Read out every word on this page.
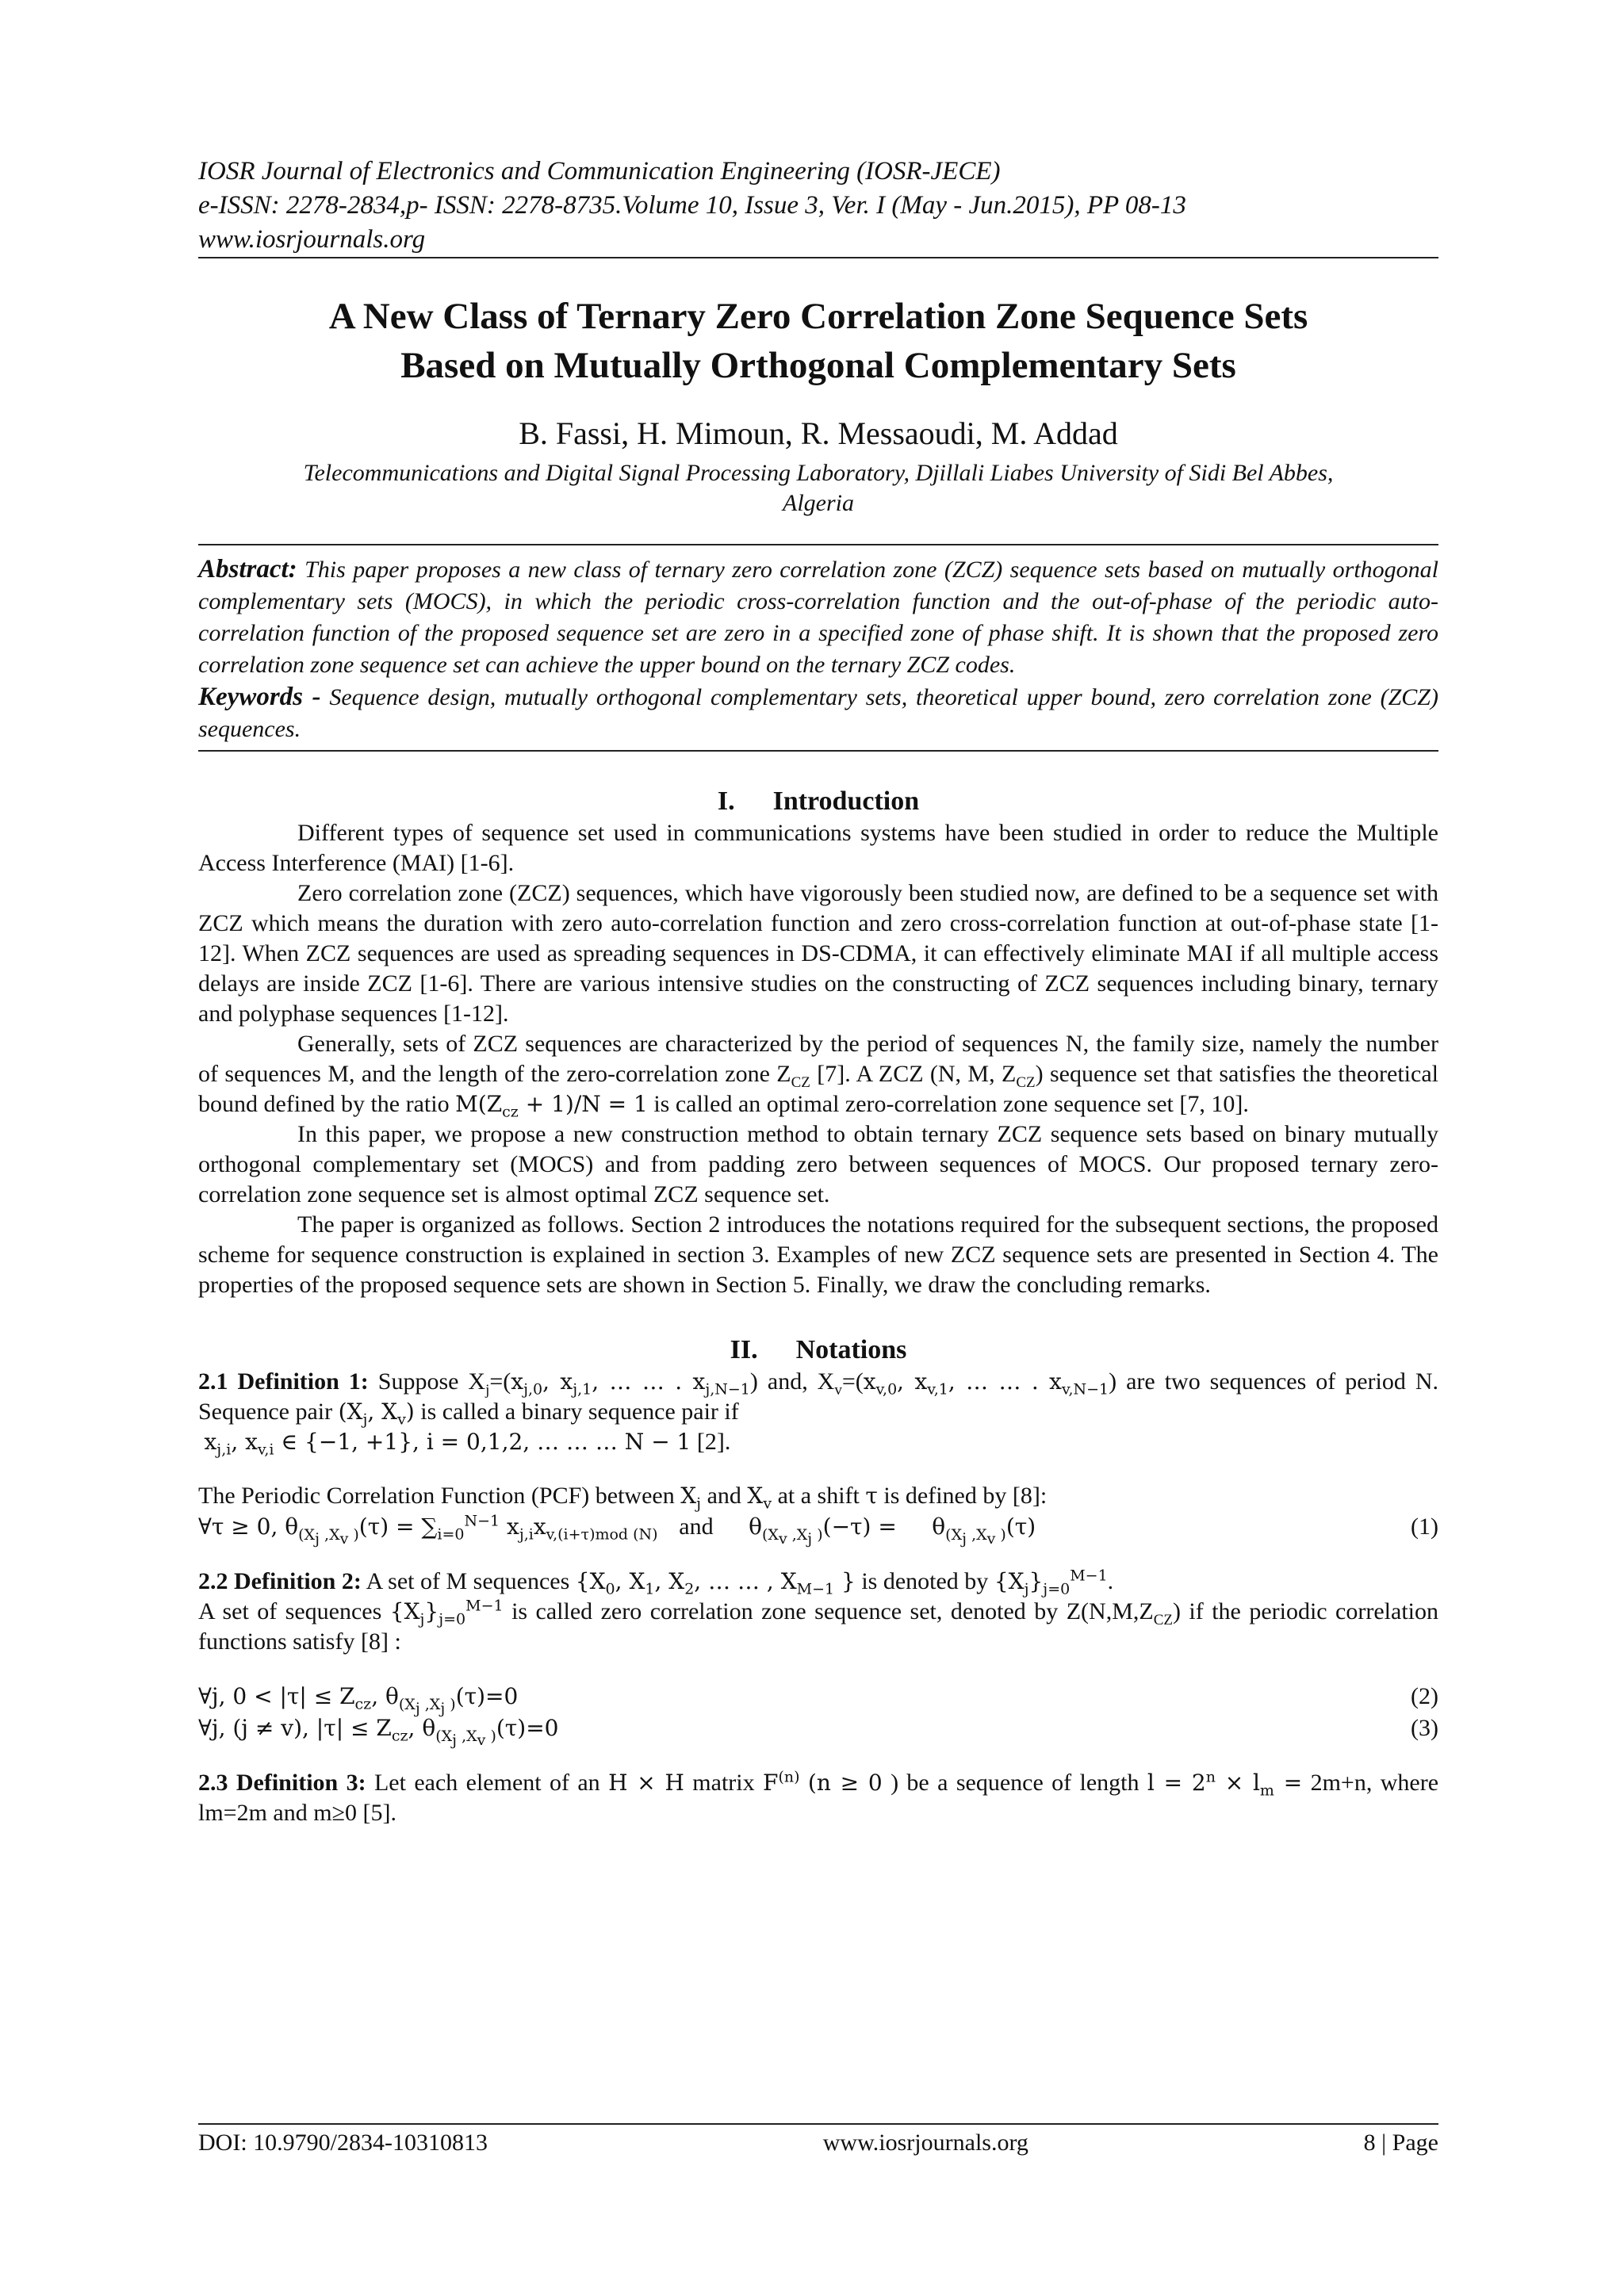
IOSR Journal of Electronics and Communication Engineering (IOSR-JECE)
e-ISSN: 2278-2834,p- ISSN: 2278-8735.Volume 10, Issue 3, Ver. I (May - Jun.2015), PP 08-13
www.iosrjournals.org
A New Class of Ternary Zero Correlation Zone Sequence Sets
Based on Mutually Orthogonal Complementary Sets
B. Fassi, H. Mimoun, R. Messaoudi, M. Addad
Telecommunications and Digital Signal Processing Laboratory, Djillali Liabes University of Sidi Bel Abbes,
Algeria
Abstract: This paper proposes a new class of ternary zero correlation zone (ZCZ) sequence sets based on mutually orthogonal complementary sets (MOCS), in which the periodic cross-correlation function and the out-of-phase of the periodic auto-correlation function of the proposed sequence set are zero in a specified zone of phase shift. It is shown that the proposed zero correlation zone sequence set can achieve the upper bound on the ternary ZCZ codes.
Keywords - Sequence design, mutually orthogonal complementary sets, theoretical upper bound, zero correlation zone (ZCZ) sequences.
I. Introduction

Different types of sequence set used in communications systems have been studied in order to reduce the Multiple Access Interference (MAI) [1-6].

Zero correlation zone (ZCZ) sequences, which have vigorously been studied now, are defined to be a sequence set with ZCZ which means the duration with zero auto-correlation function and zero cross-correlation function at out-of-phase state [1-12]. When ZCZ sequences are used as spreading sequences in DS-CDMA, it can effectively eliminate MAI if all multiple access delays are inside ZCZ [1-6]. There are various intensive studies on the constructing of ZCZ sequences including binary, ternary and polyphase sequences [1-12].

Generally, sets of ZCZ sequences are characterized by the period of sequences N, the family size, namely the number of sequences M, and the length of the zero-correlation zone $Z_{CZ}$ [7]. A ZCZ (N, M, $Z_{CZ}$) sequence set that satisfies the theoretical bound defined by the ratio $M(Z_{cz} + 1)/N = 1$ is called an optimal zero-correlation zone sequence set [7, 10].

In this paper, we propose a new construction method to obtain ternary ZCZ sequence sets based on binary mutually orthogonal complementary set (MOCS) and from padding zero between sequences of MOCS. Our proposed ternary zero-correlation zone sequence set is almost optimal ZCZ sequence set.

The paper is organized as follows. Section 2 introduces the notations required for the subsequent sections, the proposed scheme for sequence construction is explained in section 3. Examples of new ZCZ sequence sets are presented in Section 4. The properties of the proposed sequence sets are shown in Section 5. Finally, we draw the concluding remarks.

II. Notations

2.1 Definition 1: Suppose $X_j=(x_{j,0}$, $x_{j,1}$, … … . $x_{j,N-1}$) and, $X_v=(x_{v,0}$, $x_{v,1}$, … … . $x_{v,N-1}$) are two sequences of period N. Sequence pair ($X_j$, $X_v$) is called a binary sequence pair if
$x_{j,i}$, $x_{v,i}$ ∈ {−1, +1}, i = 0,1,2, … … … N − 1 [2].

The Periodic Correlation Function (PCF) between $X_j$ and $X_v$ at a shift τ is defined by [8]:

∀τ ≥ 0, $\theta_{(X_j ,X_v )}(\tau) = \sum_{i=0}^{N-1}$ $x_{j,i}x_{v,(i+\tau)mod (N)}$ and     $\theta_{(X_v ,X_j )}(-\tau)$ =     $\theta_{(X_j ,X_v )}(\tau)$	(1)

2.2 Definition 2: A set of M sequences {$X_0$, $X_1$, $X_2$, … … , $X_{M-1}$ } is denoted by $\{X_j\}_{j=0}^{M-1}$.
A set of sequences $\{X_j\}_{j=0}^{M-1}$ is called zero correlation zone sequence set, denoted by $Z(N,M,Z_{CZ})$ if the periodic correlation functions satisfy [8] :

∀j, $0 < |\tau| \le Z_{cz}$, $\theta_{(X_j ,X_j )}(\tau)=0$	(2)
∀j, (j ≠ v), $|\tau| \le Z_{cz}$, $\theta_{(X_j ,X_v )}(\tau)=0$	(3)

2.3 Definition 3: Let each element of an H × H matrix $F^{(n)}$ (n ≥ 0 ) be a sequence of length $l = 2^n \times l_m = 2m+n$, where lm=2m and m≥0 [5].

DOI: 10.9790/2834-10310813	www.iosrjournals.org	8 | Page
